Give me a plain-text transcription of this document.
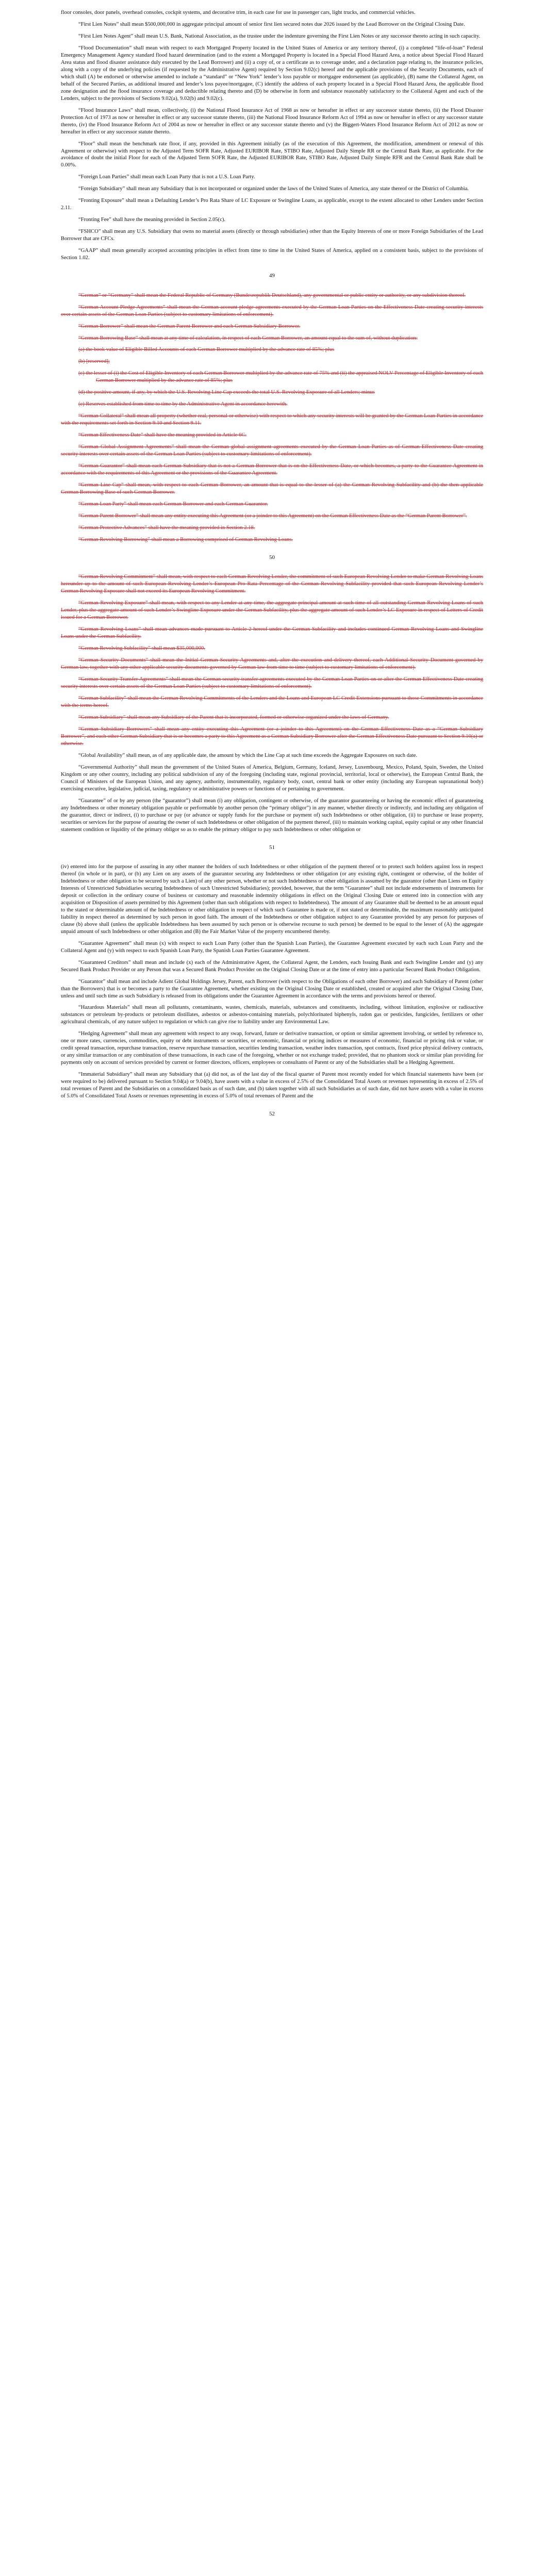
floor consoles, door panels, overhead consoles, cockpit systems, and decorative trim, in each case for use in passenger cars, light trucks, and commercial vehicles.

“First Lien Notes” shall mean $500,000,000 in aggregate principal amount of senior first lien secured notes due 2026 issued by the Lead Borrower on the Original Closing Date.

“First Lien Notes Agent” shall mean U.S. Bank, National Association, as the trustee under the indenture governing the First Lien Notes or any successor thereto acting in such capacity.

“Flood Documentation” shall mean with respect to each Mortgaged Property located in the United States of America or any territory thereof, (i) a completed “life-of-loan” Federal Emergency Management Agency standard flood hazard determination (and to the extent a Mortgaged Property is located in a Special Flood Hazard Area, a notice about Special Flood Hazard Area status and flood disaster assistance duly executed by the Lead Borrower) and (ii) a copy of, or a certificate as to coverage under, and a declaration page relating to, the insurance policies, along with a copy of the underlying policies (if requested by the Administrative Agent) required by Section 9.02(c) hereof and the applicable provisions of the Security Documents, each of which shall (A) be endorsed or otherwise amended to include a “standard” or “New York” lender’s loss payable or mortgagee endorsement (as applicable), (B) name the Collateral Agent, on behalf of the Secured Parties, as additional insured and lender’s loss payee/mortgagee, (C) identify the address of each property located in a Special Flood Hazard Area, the applicable flood zone designation and the flood insurance coverage and deductible relating thereto and (D) be otherwise in form and substance reasonably satisfactory to the Collateral Agent and each of the Lenders, subject to the provisions of Sections 9.02(a), 9.02(b) and 9.02(c).

“Flood Insurance Laws” shall mean, collectively, (i) the National Flood Insurance Act of 1968 as now or hereafter in effect or any successor statute thereto, (ii) the Flood Disaster Protection Act of 1973 as now or hereafter in effect or any successor statute thereto, (iii) the National Flood Insurance Reform Act of 1994 as now or hereafter in effect or any successor statute thereto, (iv) the Flood Insurance Reform Act of 2004 as now or hereafter in effect or any successor statute thereto and (v) the Biggert-Waters Flood Insurance Reform Act of 2012 as now or hereafter in effect or any successor statute thereto.

“Floor” shall mean the benchmark rate floor, if any, provided in this Agreement initially (as of the execution of this Agreement, the modification, amendment or renewal of this Agreement or otherwise) with respect to the Adjusted Term SOFR Rate, Adjusted EURIBOR Rate, STIBO Rate, Adjusted Daily Simple RR or the Central Bank Rate, as applicable. For the avoidance of doubt the initial Floor for each of the Adjusted Term SOFR Rate, the Adjusted EURIBOR Rate, STIBO Rate, Adjusted Daily Simple RFR and the Central Bank Rate shall be 0.00%.

“Foreign Loan Parties” shall mean each Loan Party that is not a U.S. Loan Party.

“Foreign Subsidiary” shall mean any Subsidiary that is not incorporated or organized under the laws of the United States of America, any state thereof or the District of Columbia.

“Fronting Exposure” shall mean a Defaulting Lender’s Pro Rata Share of LC Exposure or Swingline Loans, as applicable, except to the extent allocated to other Lenders under Section 2.11.

“Fronting Fee” shall have the meaning provided in Section 2.05(c).

“FSHCO” shall mean any U.S. Subsidiary that owns no material assets (directly or through subsidiaries) other than the Equity Interests of one or more Foreign Subsidiaries of the Lead Borrower that are CFCs.

“GAAP” shall mean generally accepted accounting principles in effect from time to time in the United States of America, applied on a consistent basis, subject to the provisions of Section 1.02.

49

“German” or “Germany” shall mean the Federal Republic of Germany (Bundesrepublik Deutschland), any governmental or public entity or authority, or any subdivision thereof.

“German Account Pledge Agreements” shall mean the German account pledge agreements executed by the German Loan Parties on the Effectiveness Date creating security interests over certain assets of the German Loan Parties (subject to customary limitations of enforcement).

“German Borrower” shall mean the German Parent Borrower and each German Subsidiary Borrower.

“German Borrowing Base” shall mean at any time of calculation, in respect of each German Borrower, an amount equal to the sum of, without duplication:

(a) the book value of Eligible Billed Accounts of each German Borrower multiplied by the advance rate of 85%; plus

(b) [reserved];

(c) the lesser of (i) the Cost of Eligible Inventory of each German Borrower multiplied by the advance rate of 75% and (ii) the appraised NOLV Percentage of Eligible Inventory of each German Borrower multiplied by the advance rate of 85%; plus

(d) the positive amount, if any, by which the U.S. Revolving Line Cap exceeds the total U.S. Revolving Exposure of all Lenders; minus

(e) Reserves established from time to time by the Administrative Agent in accordance herewith.

“German Collateral” shall mean all property (whether real, personal or otherwise) with respect to which any security interests will be granted by the German Loan Parties in accordance with the requirements set forth in Section 9.10 and Section 9.11.

“German Effectiveness Date” shall have the meaning provided in Article 6C.

“German Global Assignment Agreements” shall mean the German global assignment agreements executed by the German Loan Parties as of German Effectiveness Date creating security interests over certain assets of the German Loan Parties (subject to customary limitations of enforcement).

“German Guarantor” shall mean each German Subsidiary that is not a German Borrower that is on the Effectiveness Date, or which becomes, a party to the Guarantee Agreement in accordance with the requirements of this Agreement or the provisions of the Guarantee Agreement.

“German Line Cap” shall mean, with respect to each German Borrower, an amount that is equal to the lesser of (a) the German Revolving Subfacility and (b) the then applicable German Borrowing Base of such German Borrower.

“German Loan Party” shall mean each German Borrower and each German Guarantor.

“German Parent Borrower” shall mean any entity executing this Agreement (or a joinder to this Agreement) on the German Effectiveness Date as the “German Parent Borrower”.

“German Protective Advances” shall have the meaning provided in Section 2.18.

“German Revolving Borrowing” shall mean a Borrowing comprised of German Revolving Loans.

50

“German Revolving Commitment” shall mean, with respect to each German Revolving Lender, the commitment of such European Revolving Lender to make German Revolving Loans hereunder up to the amount of such European Revolving Lender’s European Pro Rata Percentage of the German Revolving Subfacility provided that such European Revolving Lender’s German Revolving Exposure shall not exceed its European Revolving Commitment.

“German Revolving Exposure” shall mean, with respect to any Lender at any time, the aggregate principal amount at such time of all outstanding German Revolving Loans of such Lender, plus the aggregate amount of such Lender’s Swingline Exposure under the German Subfacility, plus the aggregate amount of such Lender’s LC Exposure in respect of Letters of Credit issued for a German Borrower.

“German Revolving Loans” shall mean advances made pursuant to Article 2 hereof under the German Subfacility and includes continued German Revolving Loans and Swingline Loans under the German Subfacility.

“German Revolving Subfacility” shall mean $35,000,000.

“German Security Documents” shall mean the Initial German Security Agreements and, after the execution and delivery thereof, each Additional Security Document governed by German law, together with any other applicable security documents governed by German law from time to time (subject to customary limitations of enforcement).

“German Security Transfer Agreements” shall mean the German security transfer agreements executed by the German Loan Parties on or after the German Effectiveness Date creating security interests over certain assets of the German Loan Parties (subject to customary limitations of enforcement).

“German Subfacility” shall mean the German Revolving Commitments of the Lenders and the Loans and European LC Credit Extensions pursuant to those Commitments in accordance with the terms hereof.

“German Subsidiary” shall mean any Subsidiary of the Parent that is incorporated, formed or otherwise organized under the laws of Germany.

“German Subsidiary Borrowers” shall mean any entity executing this Agreement (or a joinder to this Agreement) on the German Effectiveness Date as a “German Subsidiary Borrower”, and each other German Subsidiary that is or becomes a party to this Agreement as a German Subsidiary Borrower after the German Effectiveness Date pursuant to Section 9.10(a) or otherwise.

“Global Availability” shall mean, as of any applicable date, the amount by which the Line Cap at such time exceeds the Aggregate Exposures on such date.

“Governmental Authority” shall mean the government of the United States of America, Belgium, Germany, Iceland, Jersey, Luxembourg, Mexico, Poland, Spain, Sweden, the United Kingdom or any other country, including any political subdivision of any of the foregoing (including state, regional provincial, territorial, local or otherwise), the European Central Bank, the Council of Ministers of the European Union, and any agency, authority, instrumentality, regulatory body, court, central bank or other entity (including any European supranational body) exercising executive, legislative, judicial, taxing, regulatory or administrative powers or functions of or pertaining to government.

“Guarantee” of or by any person (the “guarantor”) shall mean (i) any obligation, contingent or otherwise, of the guarantor guaranteeing or having the economic effect of guaranteeing any Indebtedness or other monetary obligation payable or performable by another person (the “primary obligor”) in any manner, whether directly or indirectly, and including any obligation of the guarantor, direct or indirect, (i) to purchase or pay (or advance or supply funds for the purchase or payment of) such Indebtedness or other obligation, (ii) to purchase or lease property, securities or services for the purpose of assuring the owner of such Indebtedness or other obligation of the payment thereof, (iii) to maintain working capital, equity capital or any other financial statement condition or liquidity of the primary obligor so as to enable the primary obligor to pay such Indebtedness or other obligation or

51

(iv) entered into for the purpose of assuring in any other manner the holders of such Indebtedness or other obligation of the payment thereof or to protect such holders against loss in respect thereof (in whole or in part), or (b) any Lien on any assets of the guarantor securing any Indebtedness or other obligation (or any existing right, contingent or otherwise, of the holder of Indebtedness or other obligation to be secured by such a Lien) of any other person, whether or not such Indebtedness or other obligation is assumed by the guarantor (other than Liens on Equity Interests of Unrestricted Subsidiaries securing Indebtedness of such Unrestricted Subsidiaries); provided, however, that the term “Guarantee” shall not include endorsements of instruments for deposit or collection in the ordinary course of business or customary and reasonable indemnity obligations in effect on the Original Closing Date or entered into in connection with any acquisition or Disposition of assets permitted by this Agreement (other than such obligations with respect to Indebtedness). The amount of any Guarantee shall be deemed to be an amount equal to the stated or determinable amount of the Indebtedness or other obligation in respect of which such Guarantee is made or, if not stated or determinable, the maximum reasonably anticipated liability in respect thereof as determined by such person in good faith. The amount of the Indebtedness or other obligation subject to any Guarantee provided by any person for purposes of clause (b) above shall (unless the applicable Indebtedness has been assumed by such person or is otherwise recourse to such person) be deemed to be equal to the lesser of (A) the aggregate unpaid amount of such Indebtedness or other obligation and (B) the Fair Market Value of the property encumbered thereby.

“Guarantee Agreement” shall mean (x) with respect to each Loan Party (other than the Spanish Loan Parties), the Guarantee Agreement executed by each such Loan Party and the Collateral Agent and (y) with respect to each Spanish Loan Party, the Spanish Loan Parties Guarantee Agreement.

“Guaranteed Creditors” shall mean and include (x) each of the Administrative Agent, the Collateral Agent, the Lenders, each Issuing Bank and each Swingline Lender and (y) any Secured Bank Product Provider or any Person that was a Secured Bank Product Provider on the Original Closing Date or at the time of entry into a particular Secured Bank Product Obligation.

“Guarantor” shall mean and include Adient Global Holdings Jersey, Parent, each Borrower (with respect to the Obligations of each other Borrower) and each Subsidiary of Parent (other than the Borrowers) that is or becomes a party to the Guarantee Agreement, whether existing on the Original Closing Date or established, created or acquired after the Original Closing Date, unless and until such time as such Subsidiary is released from its obligations under the Guarantee Agreement in accordance with the terms and provisions hereof or thereof.

“Hazardous Materials” shall mean all pollutants, contaminants, wastes, chemicals, materials, substances and constituents, including, without limitation, explosive or radioactive substances or petroleum by-products or petroleum distillates, asbestos or asbestos-containing materials, polychlorinated biphenyls, radon gas or pesticides, fungicides, fertilizers or other agricultural chemicals, of any nature subject to regulation or which can give rise to liability under any Environmental Law.

“Hedging Agreement” shall mean any agreement with respect to any swap, forward, future or derivative transaction, or option or similar agreement involving, or settled by reference to, one or more rates, currencies, commodities, equity or debt instruments or securities, or economic, financial or pricing indices or measures of economic, financial or pricing risk or value, or credit spread transaction, repurchase transaction, reserve repurchase transaction, securities lending transaction, weather index transaction, spot contracts, fixed price physical delivery contracts, or any similar transaction or any combination of these transactions, in each case of the foregoing, whether or not exchange traded; provided, that no phantom stock or similar plan providing for payments only on account of services provided by current or former directors, officers, employees or consultants of Parent or any of the Subsidiaries shall be a Hedging Agreement.

“Immaterial Subsidiary” shall mean any Subsidiary that (a) did not, as of the last day of the fiscal quarter of Parent most recently ended for which financial statements have been (or were required to be) delivered pursuant to Section 9.04(a) or 9.04(b), have assets with a value in excess of 2.5% of the Consolidated Total Assets or revenues representing in excess of 2.5% of total revenues of Parent and the Subsidiaries on a consolidated basis as of such date, and (b) taken together with all such Subsidiaries as of such date, did not have assets with a value in excess of 5.0% of Consolidated Total Assets or revenues representing in excess of 5.0% of total revenues of Parent and the

52
